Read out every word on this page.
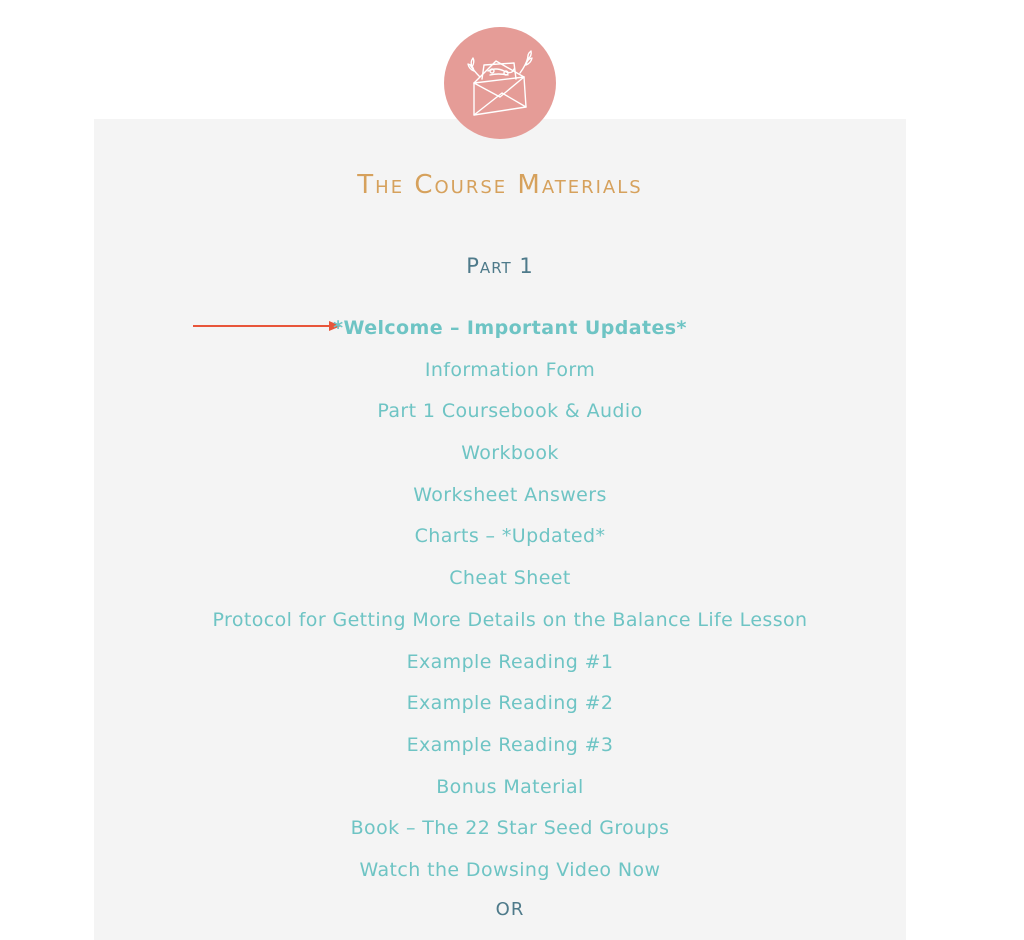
The Course Materials
Part 1
*Welcome – Important Updates*
Information Form
Part 1 Coursebook & Audio
Workbook
Worksheet Answers
Charts – *Updated*
Cheat Sheet
Protocol for Getting More Details on the Balance Life Lesson
Example Reading #1
Example Reading #2
Example Reading #3
Bonus Material
Book – The 22 Star Seed Groups
Watch the Dowsing Video Now
OR
